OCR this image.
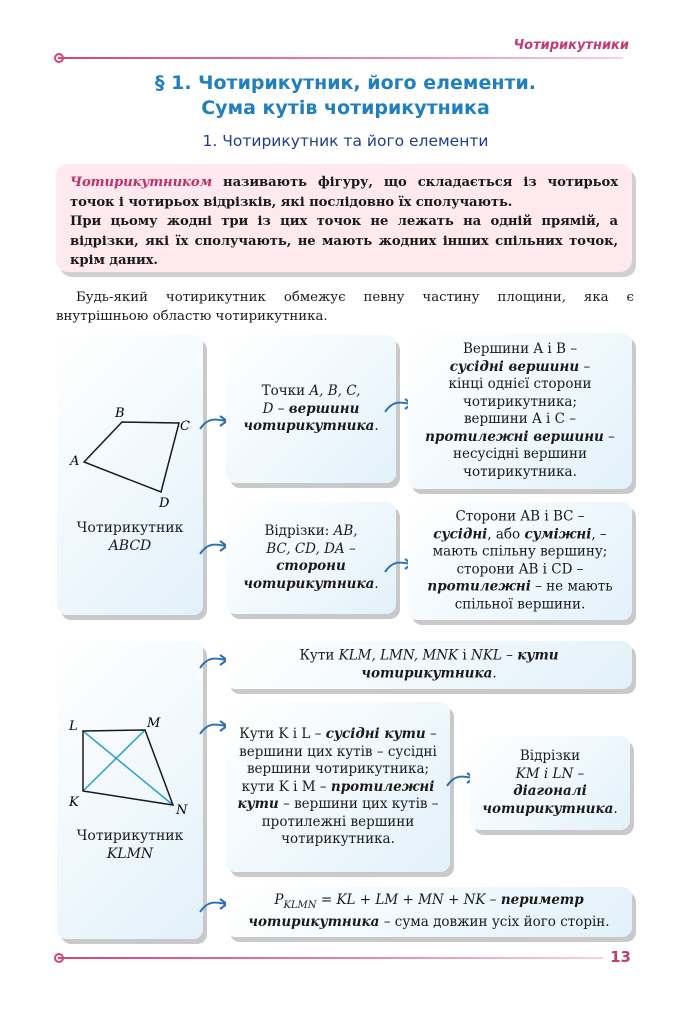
Чотирикутники
§ 1. Чотирикутник, його елементи.
Сума кутів чотирикутника
1. Чотирикутник та його елементи

Чотирикутником називають фігуру, що складається із чотирьох точок і чотирьох відрізків, які послідовно їх сполучають.

При цьому жодні три із цих точок не лежать на одній прямій, а відрізки, які їх сполучають, не мають жодних інших спільних точок, крім даних.

Будь-який чотирикутник обмежує певну частину площини, яка є внутрішньою областю чотирикутника.
A
B
C
D
Чотирикутник
ABCD
Точки A, B, C,
D – вершини чотирикутника.
Вершини A і B –
сусідні вершини –
кінці однієї сторони чотирикутника;
вершини A і C –
протилежні вершини –
несусідні вершини чотирикутника.
Відрізки: AB,
BC, CD, DA – сторони чотирикутника.
Сторони AB і BC –
сусідні, або суміжні, –
мають спільну вершину;
сторони AB і CD –
протилежні – не мають спільної вершини.
K
L	M
N
Чотирикутник
KLMN
Кути KLM, LMN, MNK і NKL – кути чотирикутника.
Кути K і L – сусідні кути – вершини цих кутів – сусідні вершини чотирикутника;
кути K і M – протилежні кути – вершини цих кутів – протилежні вершини чотирикутника.
Відрізки
KM і LN –
діагоналі чотирикутника.
$P_{KLMN}$ = KL + LM + MN + NK – периметр чотирикутника – сума довжин усіх його сторін.
13
